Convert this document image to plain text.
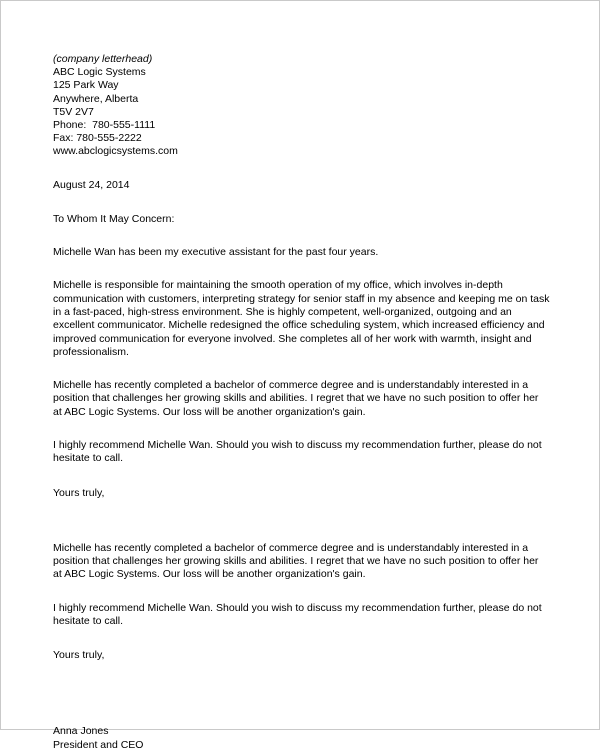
(company letterhead)
ABC Logic Systems
125 Park Way
Anywhere, Alberta
T5V 2V7
Phone:  780-555-1111
Fax: 780-555-2222
www.abclogicsystems.com
August 24, 2014
To Whom It May Concern:
Michelle Wan has been my executive assistant for the past four years.
Michelle is responsible for maintaining the smooth operation of my office, which involves in-depth communication with customers, interpreting strategy for senior staff in my absence and keeping me on task in a fast-paced, high-stress environment. She is highly competent, well-organized, outgoing and an excellent communicator. Michelle redesigned the office scheduling system, which increased efficiency and improved communication for everyone involved. She completes all of her work with warmth, insight and professionalism.
Michelle has recently completed a bachelor of commerce degree and is understandably interested in a position that challenges her growing skills and abilities. I regret that we have no such position to offer her at ABC Logic Systems. Our loss will be another organization's gain.
I highly recommend Michelle Wan. Should you wish to discuss my recommendation further, please do not hesitate to call.
Yours truly,
Michelle has recently completed a bachelor of commerce degree and is understandably interested in a position that challenges her growing skills and abilities. I regret that we have no such position to offer her at ABC Logic Systems. Our loss will be another organization's gain.
I highly recommend Michelle Wan. Should you wish to discuss my recommendation further, please do not hesitate to call.
Yours truly,
Anna Jones
President and CEO
